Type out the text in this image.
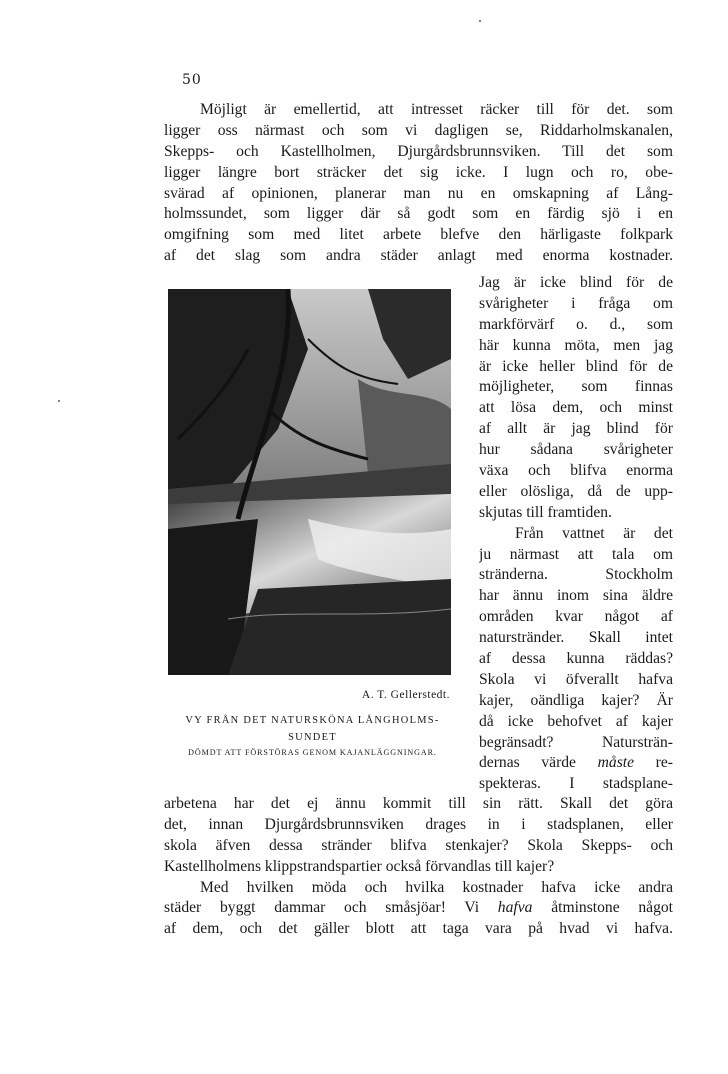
50
Möjligt är emellertid, att intresset räcker till för det. som
ligger oss närmast och som vi dagligen se, Riddarholmskanalen,
Skepps- och Kastellholmen, Djurgårdsbrunnsviken. Till det som
ligger längre bort sträcker det sig icke. I lugn och ro, obe-
svärad af opinionen, planerar man nu en omskapning af Lång-
holmssundet, som ligger där så godt som en färdig sjö i en
omgifning som med litet arbete blefve den härligaste folkpark
af det slag som andra städer anlagt med enorma kostnader.
A. T. Gellerstedt.
VY FRÅN DET NATURSKÖNA LÅNGHOLMS-
SUNDET
DÖMDT ATT FÖRSTÖRAS GENOM KAJANLÄGGNINGAR.
Jag är icke blind för de
svårigheter i fråga om
markförvärf o. d., som
här kunna möta, men jag
är icke heller blind för de
möjligheter, som finnas
att lösa dem, och minst
af allt är jag blind för
hur sådana svårigheter
växa och blifva enorma
eller olösliga, då de upp-
skjutas till framtiden.
Från vattnet är det
ju närmast att tala om
stränderna. Stockholm
har ännu inom sina äldre
områden kvar något af
naturstränder. Skall intet
af dessa kunna räddas?
Skola vi öfverallt hafva
kajer, oändliga kajer? Är
då icke behofvet af kajer
begränsadt? Natursträn-
dernas värde måste re-
spekteras. I stadsplane-
arbetena har det ej ännu kommit till sin rätt. Skall det göra
det, innan Djurgårdsbrunnsviken drages in i stadsplanen, eller
skola äfven dessa stränder blifva stenkajer? Skola Skepps- och
Kastellholmens klippstrandspartier också förvandlas till kajer?
Med hvilken möda och hvilka kostnader hafva icke andra
städer byggt dammar och småsjöar! Vi hafva åtminstone något
af dem, och det gäller blott att taga vara på hvad vi hafva.
